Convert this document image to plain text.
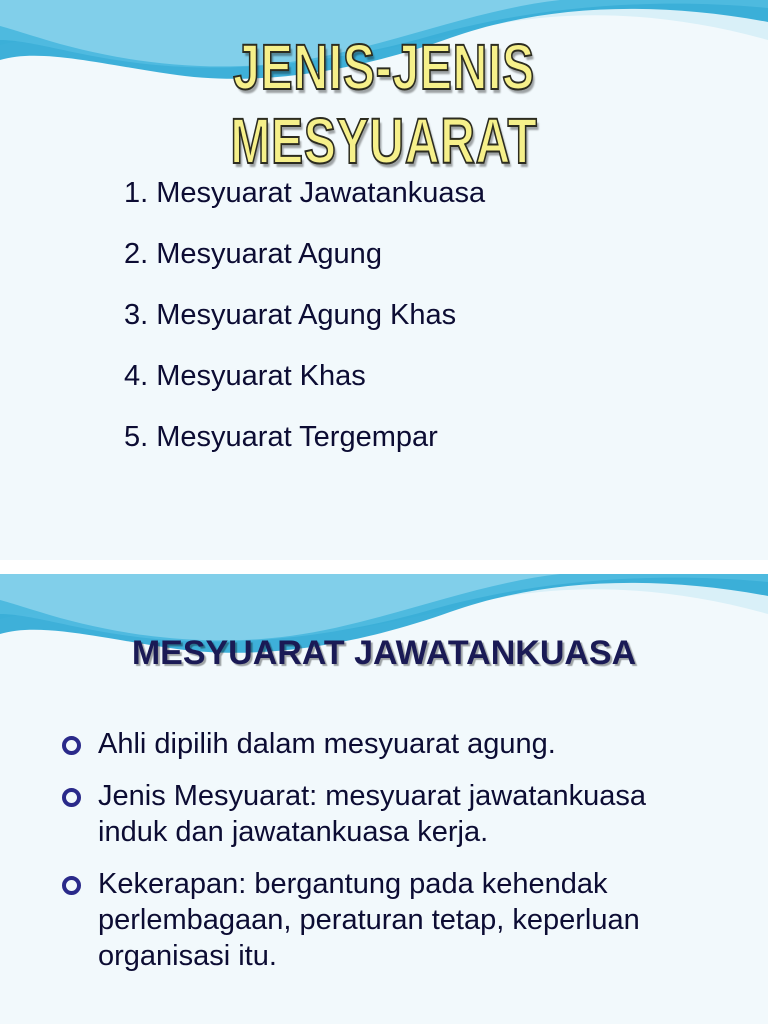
JENIS-JENIS MESYUARAT
1. Mesyuarat Jawatankuasa
2. Mesyuarat Agung
3. Mesyuarat Agung Khas
4. Mesyuarat Khas
5. Mesyuarat Tergempar
MESYUARAT JAWATANKUASA
Ahli dipilih dalam mesyuarat agung.
Jenis Mesyuarat: mesyuarat jawatankuasa induk dan jawatankuasa kerja.
Kekerapan: bergantung pada kehendak perlembagaan, peraturan tetap, keperluan organisasi itu.
